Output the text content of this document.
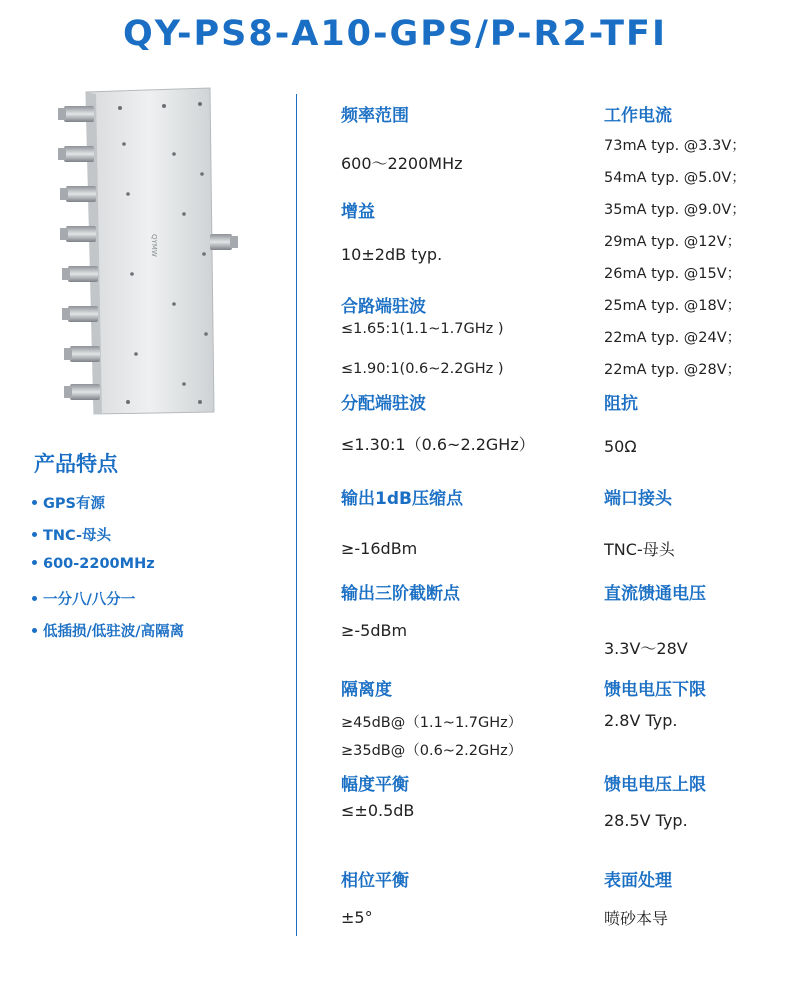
QY-PS8-A10-GPS/P-R2-TFI
QYMW
产品特点
GPS有源
TNC-母头
600-2200MHz
一分八/八分一
低插损/低驻波/高隔离
频率范围
600～2200MHz
增益
10±2dB typ.
合路端驻波
≤1.65:1(1.1~1.7GHz )
≤1.90:1(0.6~2.2GHz )
分配端驻波
≤1.30:1（0.6~2.2GHz）
输出1dB压缩点
≥-16dBm
输出三阶截断点
≥-5dBm
隔离度
≥45dB@（1.1~1.7GHz）
≥35dB@（0.6~2.2GHz）
幅度平衡
≤±0.5dB
相位平衡
±5°
工作电流
73mA typ. @3.3V；
54mA typ. @5.0V；
35mA typ. @9.0V；
29mA typ. @12V；
26mA typ. @15V；
25mA typ. @18V；
22mA typ. @24V；
22mA typ. @28V；
阻抗
50Ω
端口接头
TNC-母头
直流馈通电压
3.3V～28V
馈电电压下限
2.8V Typ.
馈电电压上限
28.5V Typ.
表面处理
喷砂本导
